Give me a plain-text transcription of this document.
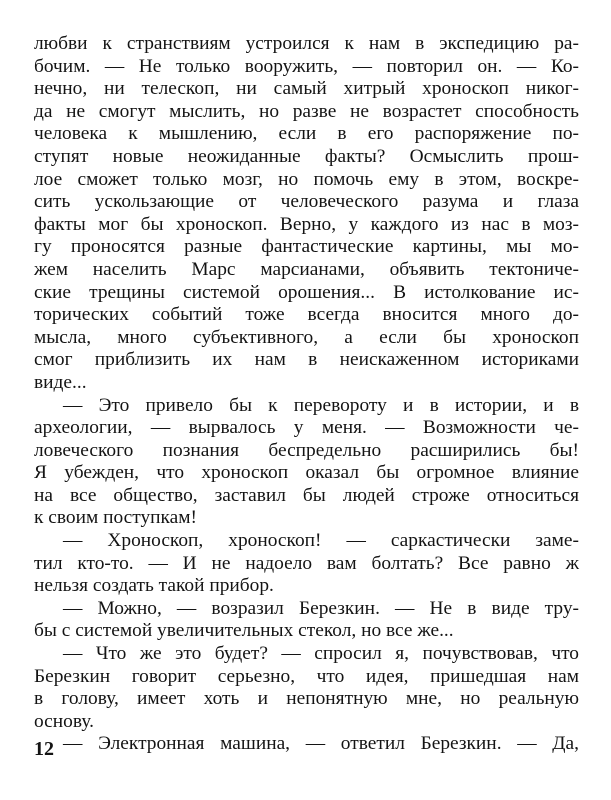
любви к странствиям устроился к нам в экспедицию ра-
бочим. — Не только вооружить, — повторил он. — Ко-
нечно, ни телескоп, ни самый хитрый хроноскоп никог-
да не смогут мыслить, но разве не возрастет способность
человека к мышлению, если в его распоряжение по-
ступят новые неожиданные факты? Осмыслить прош-
лое сможет только мозг, но помочь ему в этом, воскре-
сить ускользающие от человеческого разума и глаза
факты мог бы хроноскоп. Верно, у каждого из нас в моз-
гу проносятся разные фантастические картины, мы мо-
жем населить Марс марсианами, объявить тектониче-
ские трещины системой орошения... В истолкование ис-
торических событий тоже всегда вносится много до-
мысла, много субъективного, а если бы хроноскоп
смог приблизить их нам в неискаженном историками
виде...
— Это привело бы к перевороту и в истории, и в
археологии, — вырвалось у меня. — Возможности че-
ловеческого познания беспредельно расширились бы!
Я убежден, что хроноскоп оказал бы огромное влияние
на все общество, заставил бы людей строже относиться
к своим поступкам!
— Хроноскоп, хроноскоп! — саркастически заме-
тил кто-то. — И не надоело вам болтать? Все равно ж
нельзя создать такой прибор.
— Можно, — возразил Березкин. — Не в виде тру-
бы с системой увеличительных стекол, но все же...
— Что же это будет? — спросил я, почувствовав, что
Березкин говорит серьезно, что идея, пришедшая нам
в голову, имеет хоть и непонятную мне, но реальную
основу.
— Электронная машина, — ответил Березкин. — Да,
12
